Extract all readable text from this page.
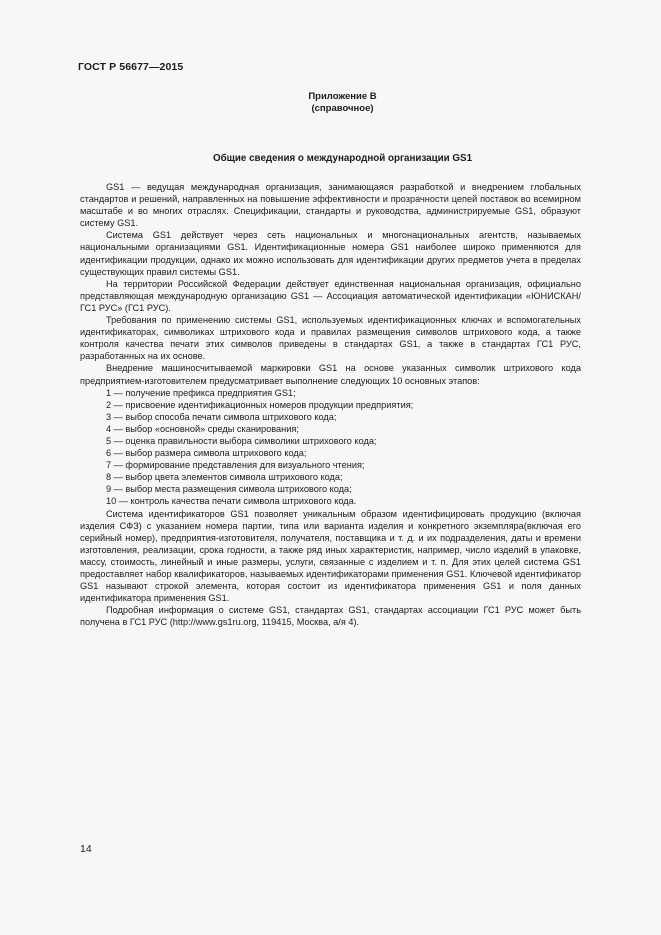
ГОСТ Р 56677—2015
Приложение В
(справочное)
Общие сведения о международной организации GS1

GS1 — ведущая международная организация, занимающаяся разработкой и внедрением глобальных стандартов и решений, направленных на повышение эффективности и прозрачности цепей поставок во всемирном масштабе и во многих отраслях. Спецификации, стандарты и руководства, администрируемые GS1, образуют систему GS1.

Система GS1 действует через сеть национальных и многонациональных агентств, называемых национальными организациями GS1. Идентификационные номера GS1 наиболее широко применяются для идентификации продукции, однако их можно использовать для идентификации других предметов учета в пределах существующих правил системы GS1.

На территории Российской Федерации действует единственная национальная организация, официально представляющая международную организацию GS1 — Ассоциация автоматической идентификации «ЮНИСКАН/ГС1 РУС» (ГС1 РУС).

Требования по применению системы GS1, используемых идентификационных ключах и вспомогательных идентификаторах, символиках штрихового кода и правилах размещения символов штрихового кода, а также контроля качества печати этих символов приведены в стандартах GS1, а также в стандартах ГС1 РУС, разработанных на их основе.

Внедрение машиносчитываемой маркировки GS1 на основе указанных символик штрихового кода предприятием-изготовителем предусматривает выполнение следующих 10 основных этапов:

1 — получение префикса предприятия GS1;
2 — присвоение идентификационных номеров продукции предприятия;
3 — выбор способа печати символа штрихового кода;
4 — выбор «основной» среды сканирования;
5 — оценка правильности выбора символики штрихового кода;
6 — выбор размера символа штрихового кода;
7 — формирование представления для визуального чтения;
8 — выбор цвета элементов символа штрихового кода;
9 — выбор места размещения символа штрихового кода;
10 — контроль качества печати символа штрихового кода.

Система идентификаторов GS1 позволяет уникальным образом идентифицировать продукцию (включая изделия СФЗ) с указанием номера партии, типа или варианта изделия и конкретного экземпляра(включая его серийный номер), предприятия-изготовителя, получателя, поставщика и т. д. и их подразделения, даты и времени изготовления, реализации, срока годности, а также ряд иных характеристик, например, число изделий в упаковке, массу, стоимость, линейный и иные размеры, услуги, связанные с изделием и т. п. Для этих целей система GS1 предоставляет набор квалификаторов, называемых идентификаторами применения GS1. Ключевой идентификатор GS1 называют строкой элемента, которая состоит из идентификатора применения GS1 и поля данных идентификатора применения GS1.

Подробная информация о системе GS1, стандартах GS1, стандартах ассоциации ГС1 РУС может быть получена в ГС1 РУС (http://www.gs1ru.org, 119415, Москва, а/я 4).

14
